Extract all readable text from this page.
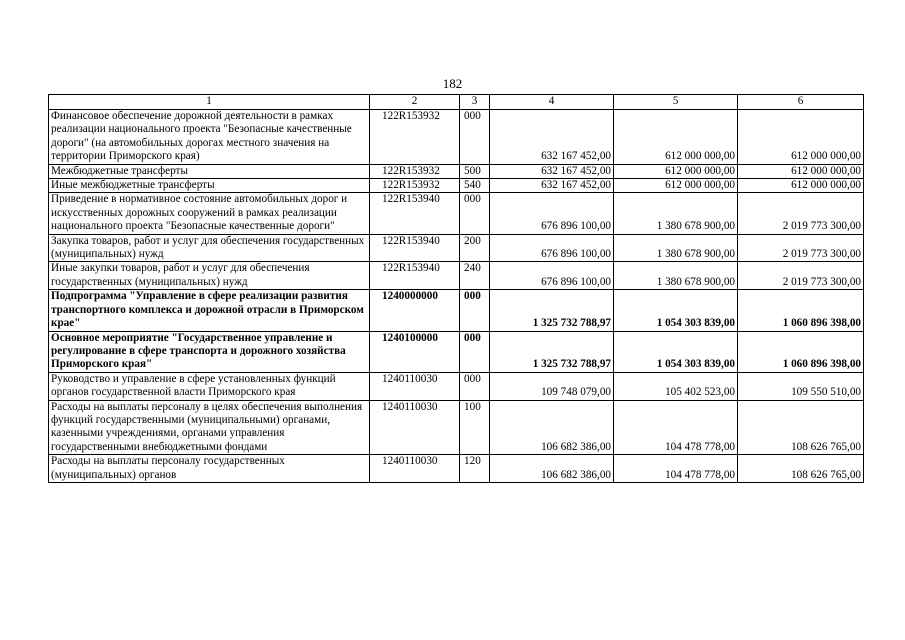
182
1	2	3	4	5	6
Финансовое обеспечение дорожной деятельности в рамках реализации национального проекта "Безопасные качественные дороги" (на автомобильных дорогах местного значения на территории Приморского края)	122R153932	000	632 167 452,00	612 000 000,00	612 000 000,00
Межбюджетные трансферты	122R153932	500	632 167 452,00	612 000 000,00	612 000 000,00
Иные межбюджетные трансферты	122R153932	540	632 167 452,00	612 000 000,00	612 000 000,00
Приведение в нормативное состояние автомобильных дорог и искусственных дорожных сооружений в рамках реализации национального проекта "Безопасные качественные дороги"	122R153940	000	676 896 100,00	1 380 678 900,00	2 019 773 300,00
Закупка товаров, работ и услуг для обеспечения государственных (муниципальных) нужд	122R153940	200	676 896 100,00	1 380 678 900,00	2 019 773 300,00
Иные закупки товаров, работ и услуг для обеспечения государственных (муниципальных) нужд	122R153940	240	676 896 100,00	1 380 678 900,00	2 019 773 300,00
Подпрограмма "Управление в сфере реализации развития транспортного комплекса и дорожной отрасли в Приморском крае"	1240000000	000	1 325 732 788,97	1 054 303 839,00	1 060 896 398,00
Основное мероприятие "Государственное управление и регулирование в сфере транспорта и дорожного хозяйства Приморского края"	1240100000	000	1 325 732 788,97	1 054 303 839,00	1 060 896 398,00
Руководство и управление в сфере установленных функций органов государственной власти Приморского края	1240110030	000	109 748 079,00	105 402 523,00	109 550 510,00
Расходы на выплаты персоналу в целях обеспечения выполнения функций государственными (муниципальными) органами, казенными учреждениями, органами управления государственными внебюджетными фондами	1240110030	100	106 682 386,00	104 478 778,00	108 626 765,00
Расходы на выплаты персоналу государственных (муниципальных) органов	1240110030	120	106 682 386,00	104 478 778,00	108 626 765,00
